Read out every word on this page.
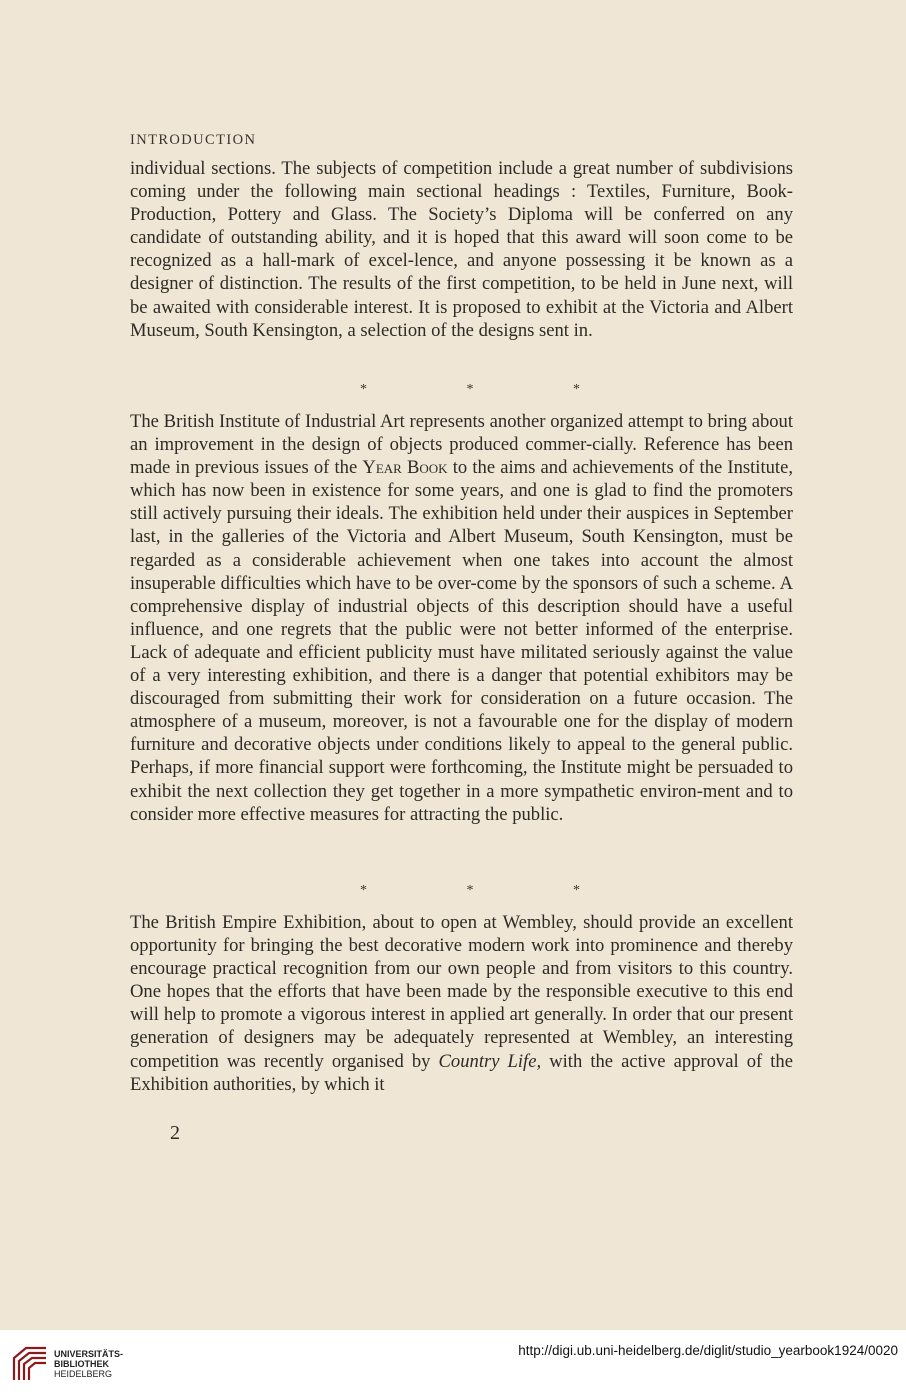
INTRODUCTION

individual sections. The subjects of competition include a great number of subdivisions coming under the following main sectional headings : Textiles, Furniture, Book-Production, Pottery and Glass. The Society’s Diploma will be conferred on any candidate of outstanding ability, and it is hoped that this award will soon come to be recognized as a hall-mark of excel-lence, and anyone possessing it be known as a designer of distinction. The results of the first competition, to be held in June next, will be awaited with considerable interest. It is proposed to exhibit at the Victoria and Albert Museum, South Kensington, a selection of the designs sent in.

*	*	*

The British Institute of Industrial Art represents another organized attempt to bring about an improvement in the design of objects produced commer-cially. Reference has been made in previous issues of the Year Book to the aims and achievements of the Institute, which has now been in existence for some years, and one is glad to find the promoters still actively pursuing their ideals. The exhibition held under their auspices in September last, in the galleries of the Victoria and Albert Museum, South Kensington, must be regarded as a considerable achievement when one takes into account the almost insuperable difficulties which have to be over-come by the sponsors of such a scheme. A comprehensive display of industrial objects of this description should have a useful influence, and one regrets that the public were not better informed of the enterprise. Lack of adequate and efficient publicity must have militated seriously against the value of a very interesting exhibition, and there is a danger that potential exhibitors may be discouraged from submitting their work for consideration on a future occasion. The atmosphere of a museum, moreover, is not a favourable one for the display of modern furniture and decorative objects under conditions likely to appeal to the general public. Perhaps, if more financial support were forthcoming, the Institute might be persuaded to exhibit the next collection they get together in a more sympathetic environ-ment and to consider more effective measures for attracting the public.

*	*	*

The British Empire Exhibition, about to open at Wembley, should provide an excellent opportunity for bringing the best decorative modern work into prominence and thereby encourage practical recognition from our own people and from visitors to this country. One hopes that the efforts that have been made by the responsible executive to this end will help to promote a vigorous interest in applied art generally. In order that our present generation of designers may be adequately represented at Wembley, an interesting competition was recently organised by Country Life, with the active approval of the Exhibition authorities, by which it

2
UNIVERSITÄTS-
BIBLIOTHEK
HEIDELBERG
http://digi.ub.uni-heidelberg.de/diglit/studio_yearbook1924/0020
